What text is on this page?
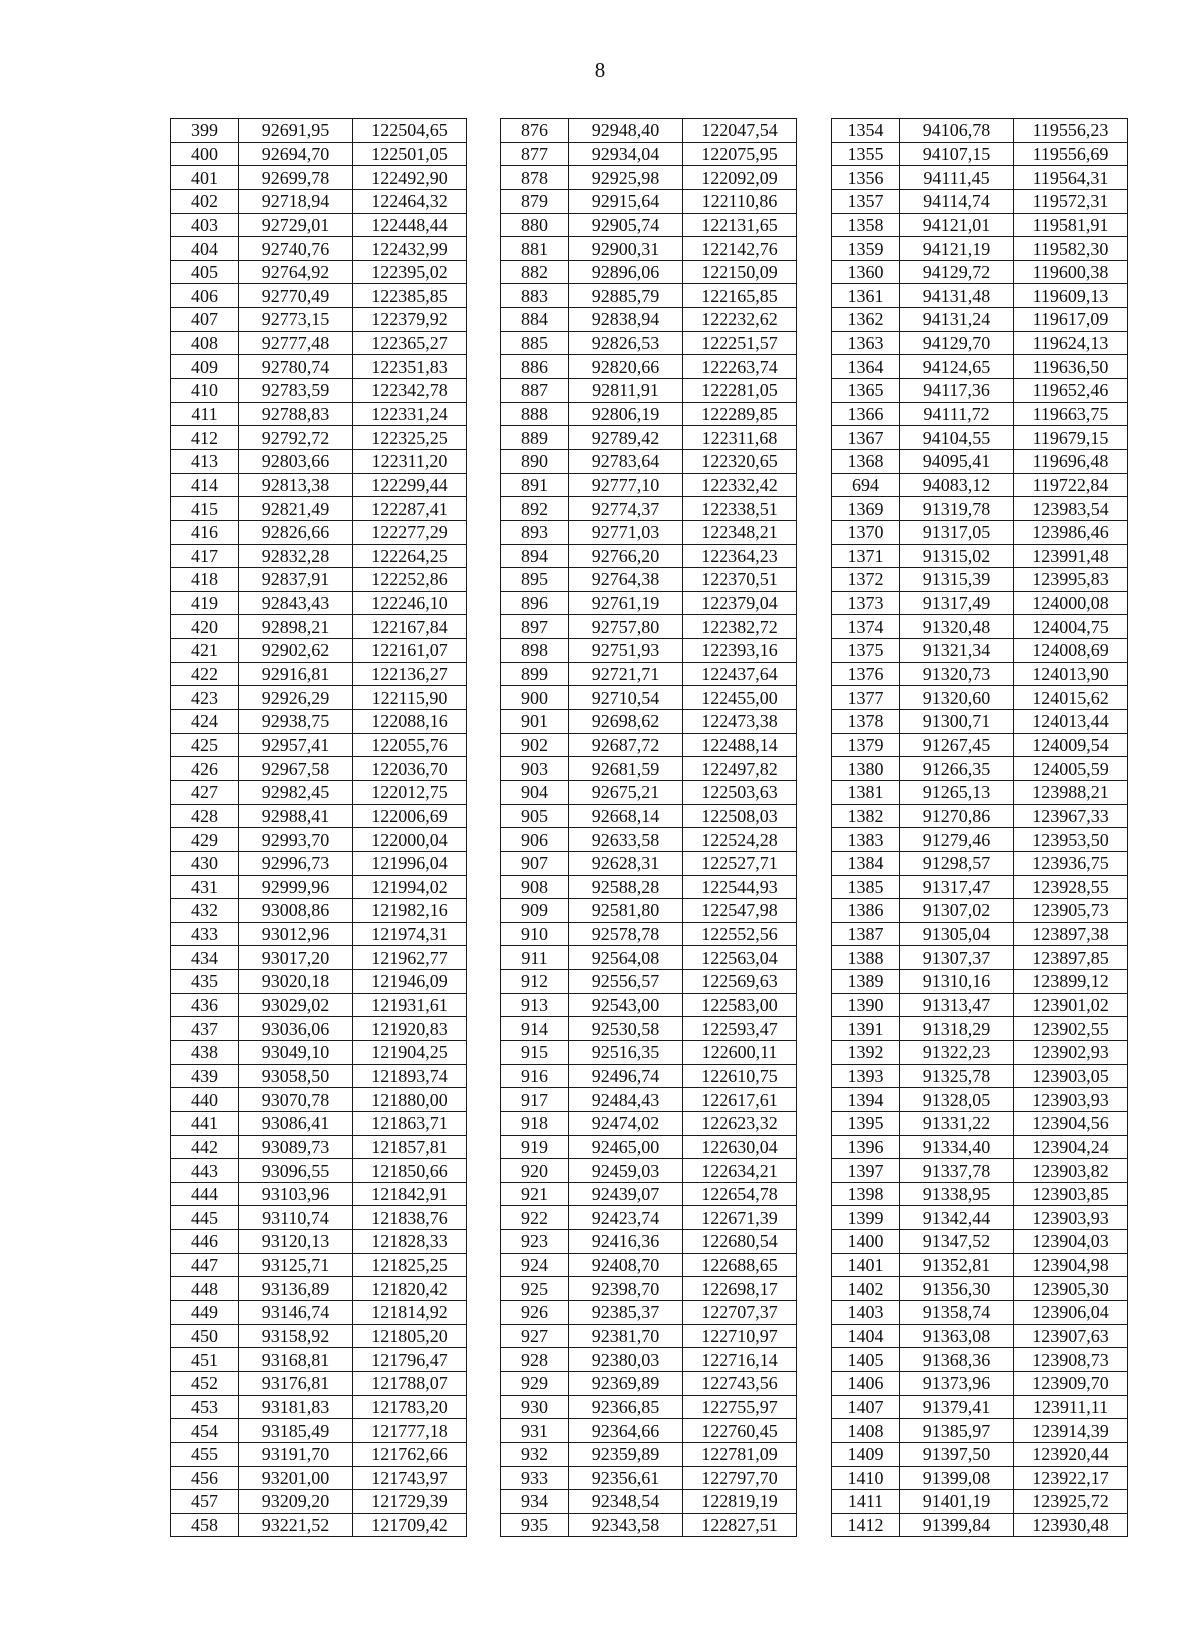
8
399	92691,95	122504,65
400	92694,70	122501,05
401	92699,78	122492,90
402	92718,94	122464,32
403	92729,01	122448,44
404	92740,76	122432,99
405	92764,92	122395,02
406	92770,49	122385,85
407	92773,15	122379,92
408	92777,48	122365,27
409	92780,74	122351,83
410	92783,59	122342,78
411	92788,83	122331,24
412	92792,72	122325,25
413	92803,66	122311,20
414	92813,38	122299,44
415	92821,49	122287,41
416	92826,66	122277,29
417	92832,28	122264,25
418	92837,91	122252,86
419	92843,43	122246,10
420	92898,21	122167,84
421	92902,62	122161,07
422	92916,81	122136,27
423	92926,29	122115,90
424	92938,75	122088,16
425	92957,41	122055,76
426	92967,58	122036,70
427	92982,45	122012,75
428	92988,41	122006,69
429	92993,70	122000,04
430	92996,73	121996,04
431	92999,96	121994,02
432	93008,86	121982,16
433	93012,96	121974,31
434	93017,20	121962,77
435	93020,18	121946,09
436	93029,02	121931,61
437	93036,06	121920,83
438	93049,10	121904,25
439	93058,50	121893,74
440	93070,78	121880,00
441	93086,41	121863,71
442	93089,73	121857,81
443	93096,55	121850,66
444	93103,96	121842,91
445	93110,74	121838,76
446	93120,13	121828,33
447	93125,71	121825,25
448	93136,89	121820,42
449	93146,74	121814,92
450	93158,92	121805,20
451	93168,81	121796,47
452	93176,81	121788,07
453	93181,83	121783,20
454	93185,49	121777,18
455	93191,70	121762,66
456	93201,00	121743,97
457	93209,20	121729,39
458	93221,52	121709,42
876	92948,40	122047,54
877	92934,04	122075,95
878	92925,98	122092,09
879	92915,64	122110,86
880	92905,74	122131,65
881	92900,31	122142,76
882	92896,06	122150,09
883	92885,79	122165,85
884	92838,94	122232,62
885	92826,53	122251,57
886	92820,66	122263,74
887	92811,91	122281,05
888	92806,19	122289,85
889	92789,42	122311,68
890	92783,64	122320,65
891	92777,10	122332,42
892	92774,37	122338,51
893	92771,03	122348,21
894	92766,20	122364,23
895	92764,38	122370,51
896	92761,19	122379,04
897	92757,80	122382,72
898	92751,93	122393,16
899	92721,71	122437,64
900	92710,54	122455,00
901	92698,62	122473,38
902	92687,72	122488,14
903	92681,59	122497,82
904	92675,21	122503,63
905	92668,14	122508,03
906	92633,58	122524,28
907	92628,31	122527,71
908	92588,28	122544,93
909	92581,80	122547,98
910	92578,78	122552,56
911	92564,08	122563,04
912	92556,57	122569,63
913	92543,00	122583,00
914	92530,58	122593,47
915	92516,35	122600,11
916	92496,74	122610,75
917	92484,43	122617,61
918	92474,02	122623,32
919	92465,00	122630,04
920	92459,03	122634,21
921	92439,07	122654,78
922	92423,74	122671,39
923	92416,36	122680,54
924	92408,70	122688,65
925	92398,70	122698,17
926	92385,37	122707,37
927	92381,70	122710,97
928	92380,03	122716,14
929	92369,89	122743,56
930	92366,85	122755,97
931	92364,66	122760,45
932	92359,89	122781,09
933	92356,61	122797,70
934	92348,54	122819,19
935	92343,58	122827,51
1354	94106,78	119556,23
1355	94107,15	119556,69
1356	94111,45	119564,31
1357	94114,74	119572,31
1358	94121,01	119581,91
1359	94121,19	119582,30
1360	94129,72	119600,38
1361	94131,48	119609,13
1362	94131,24	119617,09
1363	94129,70	119624,13
1364	94124,65	119636,50
1365	94117,36	119652,46
1366	94111,72	119663,75
1367	94104,55	119679,15
1368	94095,41	119696,48
694	94083,12	119722,84
1369	91319,78	123983,54
1370	91317,05	123986,46
1371	91315,02	123991,48
1372	91315,39	123995,83
1373	91317,49	124000,08
1374	91320,48	124004,75
1375	91321,34	124008,69
1376	91320,73	124013,90
1377	91320,60	124015,62
1378	91300,71	124013,44
1379	91267,45	124009,54
1380	91266,35	124005,59
1381	91265,13	123988,21
1382	91270,86	123967,33
1383	91279,46	123953,50
1384	91298,57	123936,75
1385	91317,47	123928,55
1386	91307,02	123905,73
1387	91305,04	123897,38
1388	91307,37	123897,85
1389	91310,16	123899,12
1390	91313,47	123901,02
1391	91318,29	123902,55
1392	91322,23	123902,93
1393	91325,78	123903,05
1394	91328,05	123903,93
1395	91331,22	123904,56
1396	91334,40	123904,24
1397	91337,78	123903,82
1398	91338,95	123903,85
1399	91342,44	123903,93
1400	91347,52	123904,03
1401	91352,81	123904,98
1402	91356,30	123905,30
1403	91358,74	123906,04
1404	91363,08	123907,63
1405	91368,36	123908,73
1406	91373,96	123909,70
1407	91379,41	123911,11
1408	91385,97	123914,39
1409	91397,50	123920,44
1410	91399,08	123922,17
1411	91401,19	123925,72
1412	91399,84	123930,48
